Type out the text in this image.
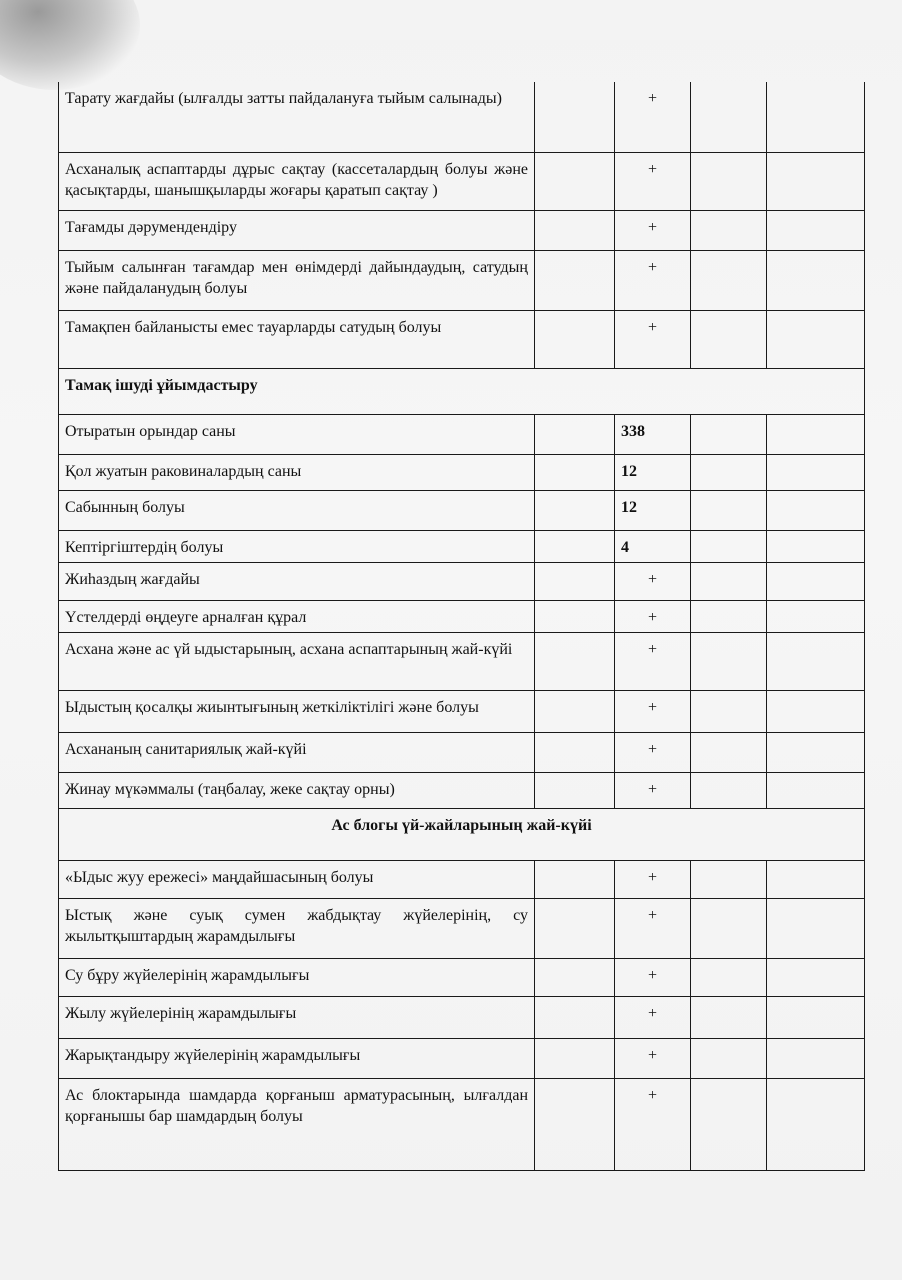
Тарату жағдайы (ылғалды затты пайдалануға тыйым салынады)		+		
Асханалық аспаптарды дұрыс сақтау (кассеталардың болуы және қасықтарды, шанышқыларды жоғары қаратып сақтау )		+		
Тағамды дәрумендендіру		+		
Тыйым салынған тағамдар мен өнімдерді дайындаудың, сатудың және пайдаланудың болуы		+		
Тамақпен байланысты емес тауарларды сатудың болуы		+		
Тамақ ішуді ұйымдастыру				
Отыратын орындар саны		338		
Қол жуатын раковиналардың саны		12		
Сабынның болуы		12		
Кептіргіштердің болуы		4		
Жиһаздың жағдайы		+		
Үстелдерді өңдеуге арналған құрал		+		
Асхана және ас үй ыдыстарының, асхана аспаптарының жай-күйі		+		
Ыдыстың қосалқы жиынтығының жеткіліктілігі және болуы		+		
Асхананың санитариялық жай-күйі		+		
Жинау мүкәммалы (таңбалау, жеке сақтау орны)		+		
Ас блогы үй-жайларының жай-күйі				
«Ыдыс жуу ережесі» маңдайшасының болуы		+		
Ыстық және суық сумен жабдықтау жүйелерінің, су жылытқыштардың жарамдылығы		+		
Су бұру жүйелерінің жарамдылығы		+		
Жылу жүйелерінің жарамдылығы		+		
Жарықтандыру жүйелерінің жарамдылығы		+		
Ас блоктарында шамдарда қорғаныш арматурасының, ылғалдан қорғанышы бар шамдардың болуы		+		
